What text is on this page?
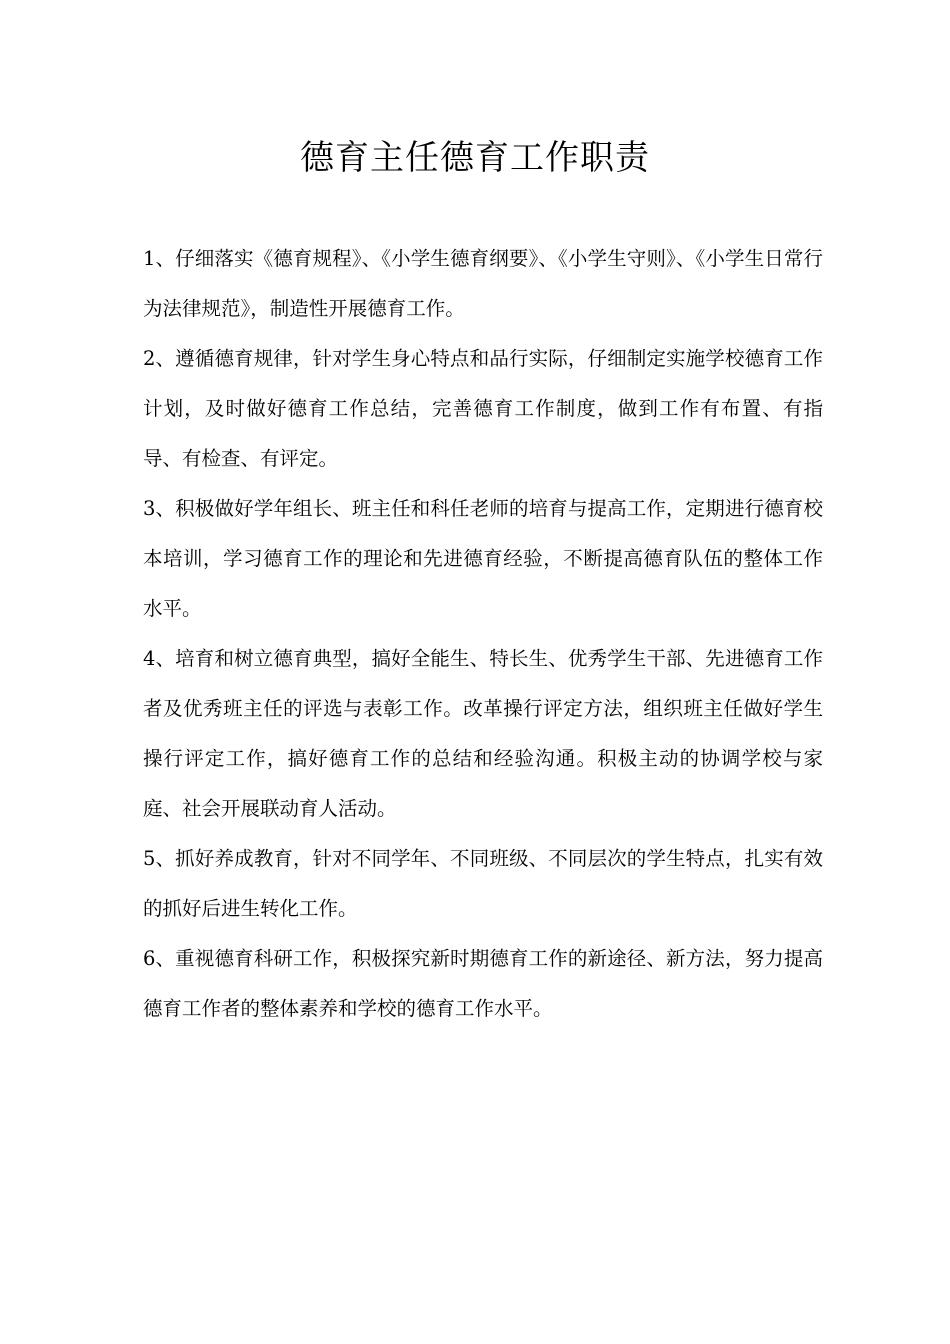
德育主任德育工作职责

1、仔细落实《德育规程》、《小学生德育纲要》、《小学生守则》、《小学生日常行为法律规范》，制造性开展德育工作。

2、遵循德育规律，针对学生身心特点和品行实际，仔细制定实施学校德育工作计划，及时做好德育工作总结，完善德育工作制度，做到工作有布置、有指导、有检查、有评定。

3、积极做好学年组长、班主任和科任老师的培育与提高工作，定期进行德育校本培训，学习德育工作的理论和先进德育经验，不断提高德育队伍的整体工作水平。

4、培育和树立德育典型，搞好全能生、特长生、优秀学生干部、先进德育工作者及优秀班主任的评选与表彰工作。改革操行评定方法，组织班主任做好学生操行评定工作，搞好德育工作的总结和经验沟通。积极主动的协调学校与家庭、社会开展联动育人活动。

5、抓好养成教育，针对不同学年、不同班级、不同层次的学生特点，扎实有效的抓好后进生转化工作。

6、重视德育科研工作，积极探究新时期德育工作的新途径、新方法，努力提高德育工作者的整体素养和学校的德育工作水平。
